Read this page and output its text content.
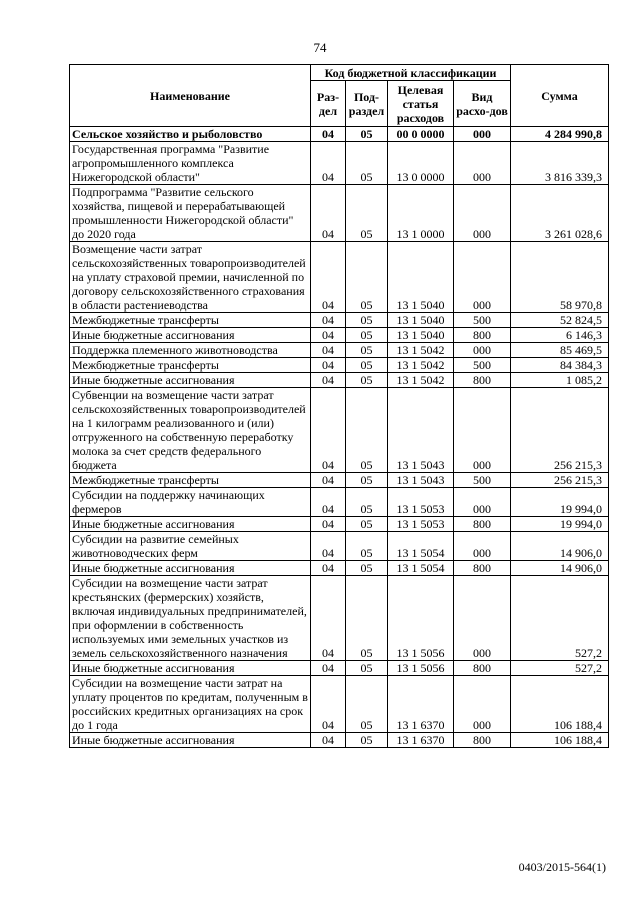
74
Наименование	Код бюджетной классификации				Сумма
	Раз-дел	Под-раздел	Целевая статья расходов	Вид расхо-дов	
Сельское хозяйство и рыболовство	04	05	00 0 0000	000	4 284 990,8
Государственная программа "Развитие агропромышленного комплекса Нижегородской области"	04	05	13 0 0000	000	3 816 339,3
Подпрограмма "Развитие сельского хозяйства, пищевой и перерабатывающей промышленности Нижегородской области" до 2020 года	04	05	13 1 0000	000	3 261 028,6
Возмещение части затрат сельскохозяйственных товаропроизводителей на уплату страховой премии, начисленной по договору сельскохозяйственного страхования в области растениеводства	04	05	13 1 5040	000	58 970,8
Межбюджетные трансферты	04	05	13 1 5040	500	52 824,5
Иные бюджетные ассигнования	04	05	13 1 5040	800	6 146,3
Поддержка племенного животноводства	04	05	13 1 5042	000	85 469,5
Межбюджетные трансферты	04	05	13 1 5042	500	84 384,3
Иные бюджетные ассигнования	04	05	13 1 5042	800	1 085,2
Субвенции на возмещение части затрат сельскохозяйственных товаропроизводителей на 1 килограмм реализованного и (или) отгруженного на собственную переработку молока за счет средств федерального бюджета	04	05	13 1 5043	000	256 215,3
Межбюджетные трансферты	04	05	13 1 5043	500	256 215,3
Субсидии на поддержку начинающих фермеров	04	05	13 1 5053	000	19 994,0
Иные бюджетные ассигнования	04	05	13 1 5053	800	19 994,0
Субсидии на развитие семейных животноводческих ферм	04	05	13 1 5054	000	14 906,0
Иные бюджетные ассигнования	04	05	13 1 5054	800	14 906,0
Субсидии на возмещение части затрат крестьянских (фермерских) хозяйств, включая индивидуальных предпринимателей, при оформлении в собственность используемых ими земельных участков из земель сельскохозяйственного назначения	04	05	13 1 5056	000	527,2
Иные бюджетные ассигнования	04	05	13 1 5056	800	527,2
Субсидии на возмещение части затрат на уплату процентов по кредитам, полученным в российских кредитных организациях на срок до 1 года	04	05	13 1 6370	000	106 188,4
Иные бюджетные ассигнования	04	05	13 1 6370	800	106 188,4
0403/2015-564(1)
